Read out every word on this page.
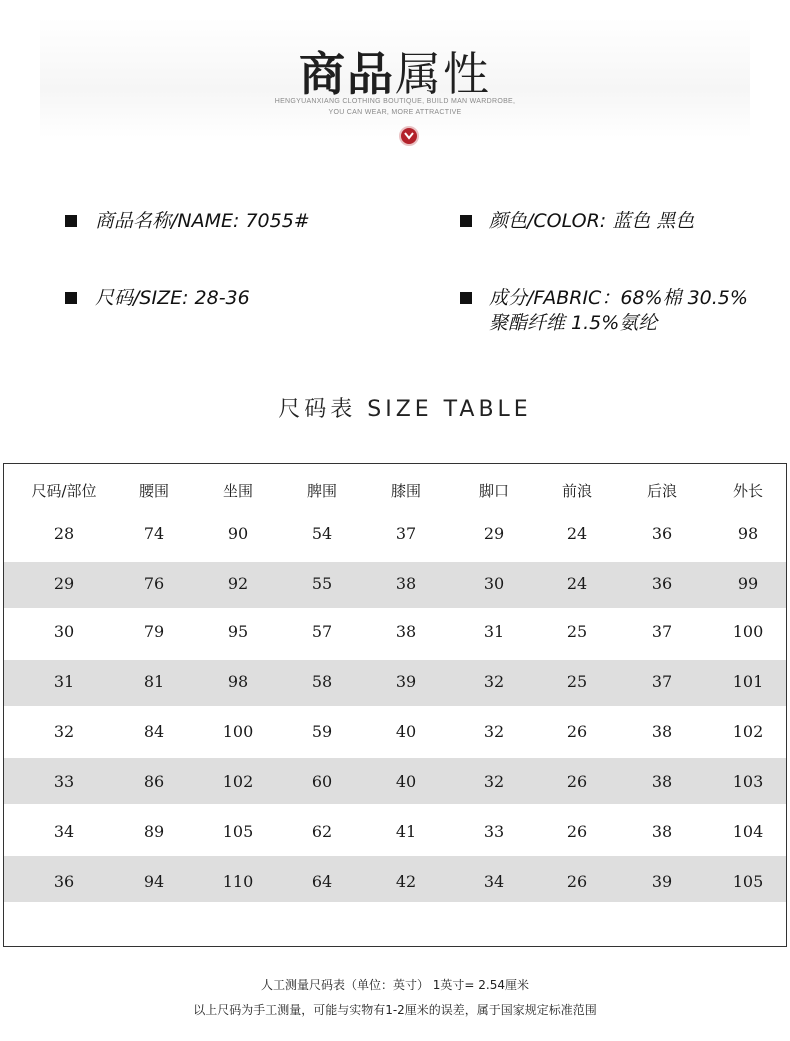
商品属性
HENGYUANXIANG CLOTHING BOUTIQUE, BUILD MAN WARDROBE,
YOU CAN WEAR, MORE ATTRACTIVE
商品名称/NAME: 7055#	颜色/COLOR: 蓝色 黑色
尺码/SIZE: 28-36	成分/FABRIC：68%棉 30.5%
聚酯纤维 1.5%氨纶
尺码表 SIZE TABLE
尺码/部位	腰围	坐围	脾围	膝围	脚口	前浪	后浪	外长
28	74	90	54	37	29	24	36	98
29	76	92	55	38	30	24	36	99
30	79	95	57	38	31	25	37	100
31	81	98	58	39	32	25	37	101
32	84	100	59	40	32	26	38	102
33	86	102	60	40	32	26	38	103
34	89	105	62	41	33	26	38	104
36	94	110	64	42	34	26	39	105
人工测量尺码表（单位：英寸） 1英寸= 2.54厘米
以上尺码为手工测量，可能与实物有1-2厘米的误差，属于国家规定标准范围
